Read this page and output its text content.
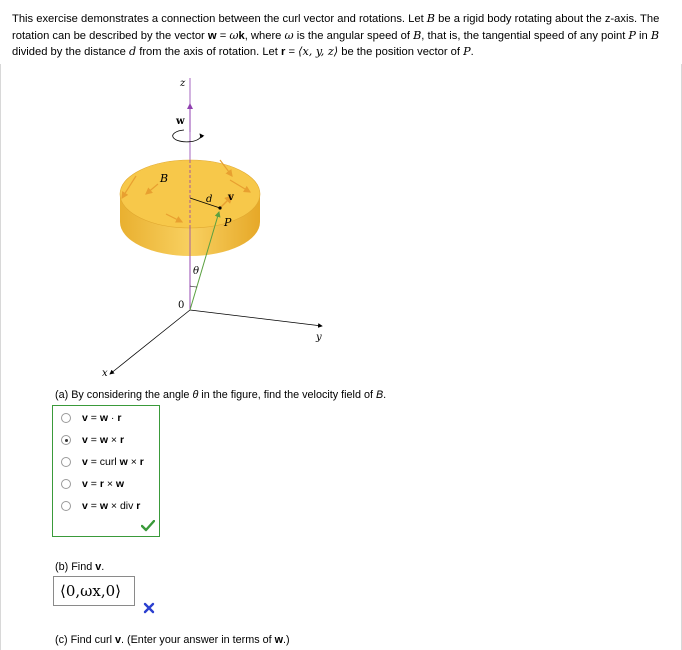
This exercise demonstrates a connection between the curl vector and rotations. Let B be a rigid body rotating about the z-axis. The rotation can be described by the vector w = ωk, where ω is the angular speed of B, that is, the tangential speed of any point P in B divided by the distance d from the axis of rotation. Let r = ⟨x, y, z⟩ be the position vector of P.
z
w
B
d v
P
θ
0
y
x
(a) By considering the angle θ in the figure, find the velocity field of B.
v = w · r
v = w × r
v = curl w × r
v = r × w
v = w × div r
(b) Find v.
⟨0,ωx,0⟩
(c) Find curl v. (Enter your answer in terms of w.)
